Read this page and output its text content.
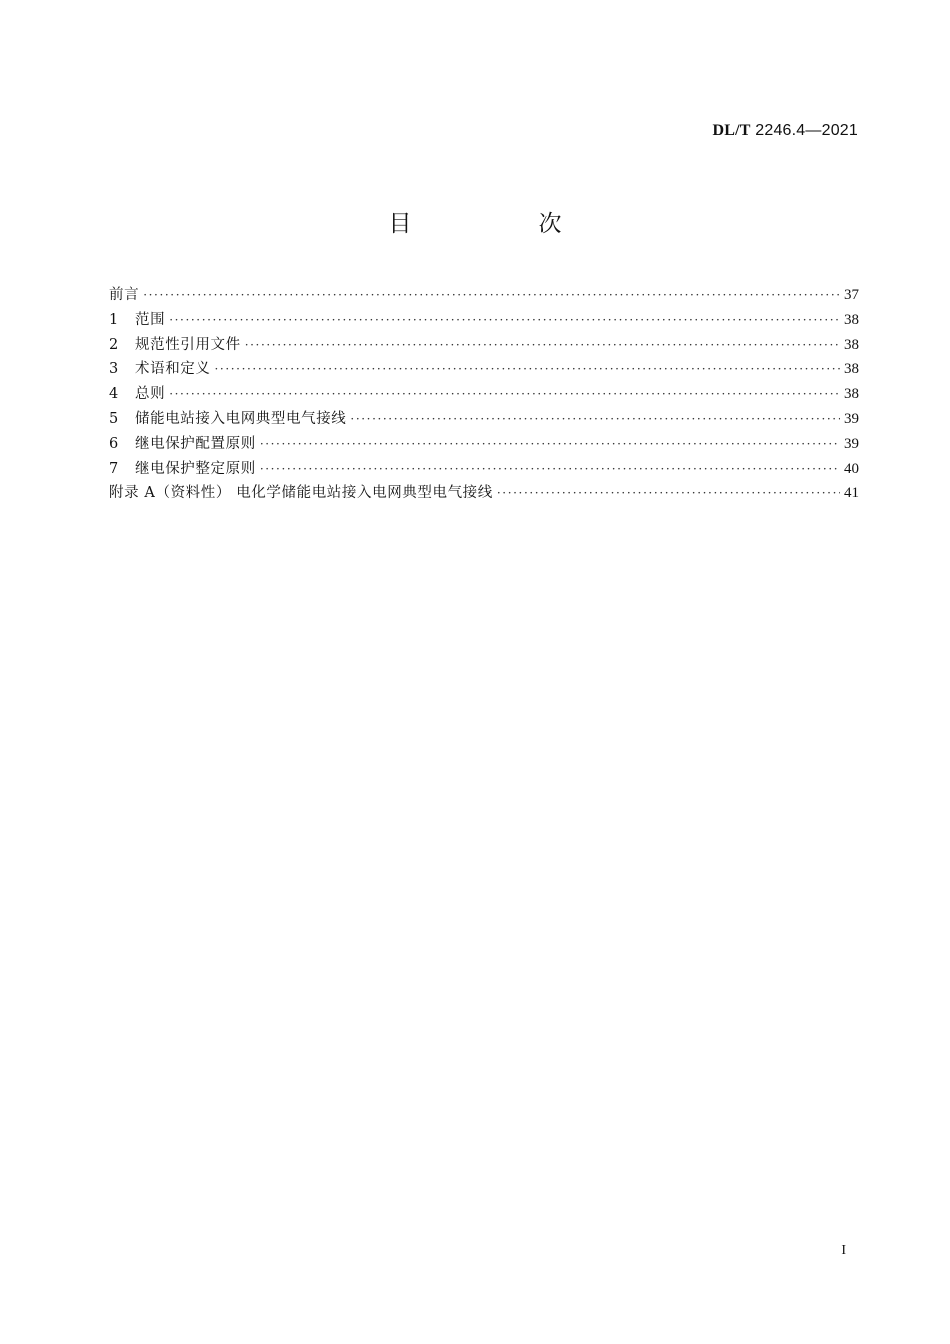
DL/T 2246.4—2021
目　次
前言 ·····	37
1	范围 ·····	38
2	规范性引用文件 ·····	38
3	术语和定义 ·····	38
4	总则 ·····	38
5	储能电站接入电网典型电气接线 ·····	39
6	继电保护配置原则 ·····	39
7	继电保护整定原则 ·····	40
附录 A（资料性） 电化学储能电站接入电网典型电气接线 ·····	41
I
